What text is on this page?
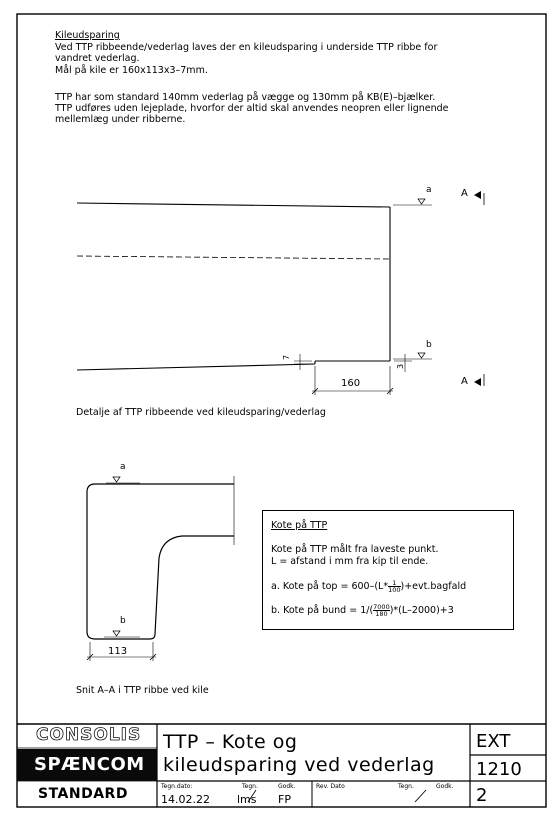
Kileudsparing
Ved TTP ribbeende/vederlag laves der en kileudsparing i underside TTP ribbe for
vandret vederlag.
Mål på kile er 160x113x3–7mm.
TTP har som standard 140mm vederlag på vægge og 130mm på KB(E)–bjælker.
TTP udføres uden lejeplade, hvorfor der altid skal anvendes neopren eller lignende
mellemlæg under ribberne.
a
b
A
A
7
3
160
Detalje af TTP ribbeende ved kileudsparing/vederlag
a
b
113
Snit A–A i TTP ribbe ved kile
Kote på TTP
Kote på TTP målt fra laveste punkt.
L = afstand i mm fra kip til ende.
a. Kote på top = $600-(L* \frac{1}{100}$ )+evt.bagfald
b. Kote på bund = $1/( \frac{7000}{180} )*(L-2000)+3$
CONSOLIS
SPÆNCOM
STANDARD
TTP – Kote og
kileudsparing ved vederlag
Tegn.dato:	Tegn.	Godk.
14.02.22 lms FP
Rev. Dato	Tegn.	Godk.
EXT
1210
2
